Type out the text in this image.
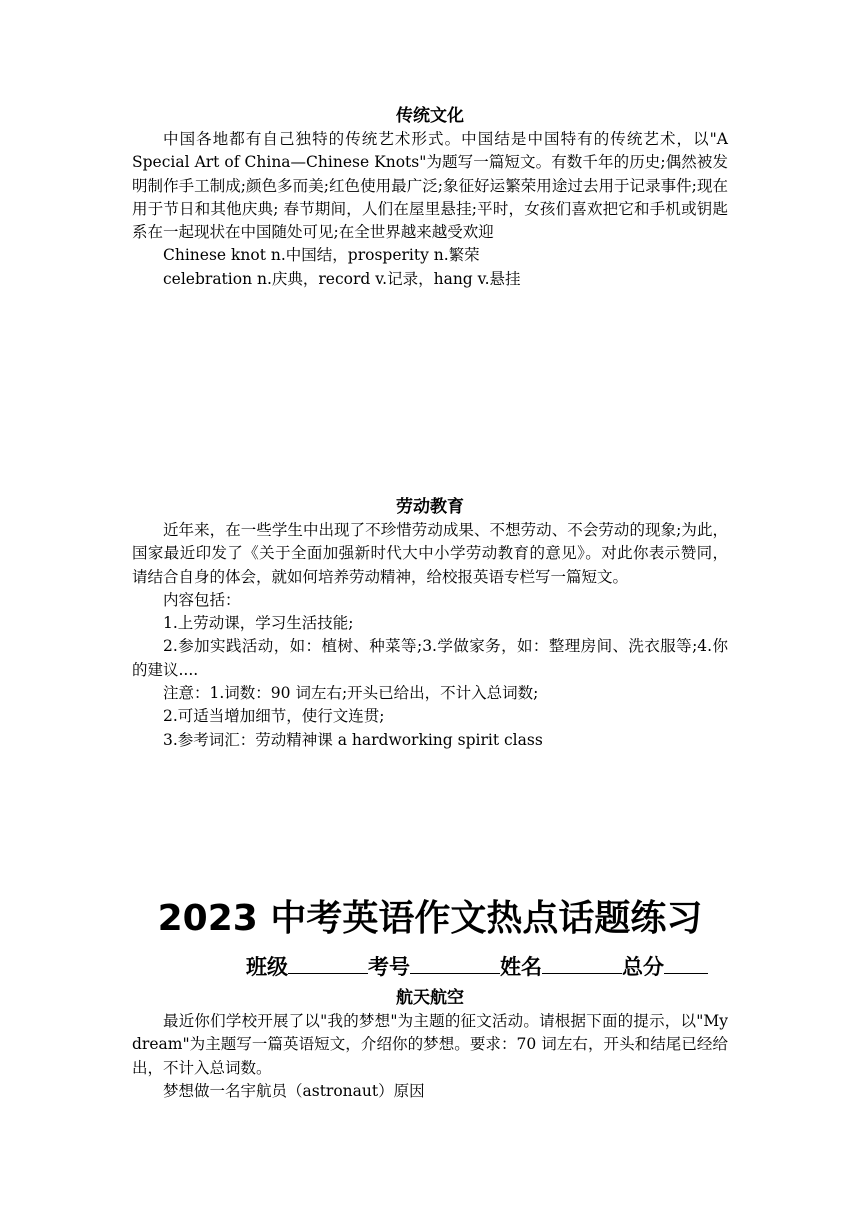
传统文化

中国各地都有自己独特的传统艺术形式。中国结是中国特有的传统艺术，以"A Special Art of China—Chinese Knots"为题写一篇短文。有数千年的历史;偶然被发明制作手工制成;颜色多而美;红色使用最广泛;象征好运繁荣用途过去用于记录事件;现在用于节日和其他庆典; 春节期间，人们在屋里悬挂;平时，女孩们喜欢把它和手机或钥匙系在一起现状在中国随处可见;在全世界越来越受欢迎

Chinese knot n.中国结，prosperity n.繁荣

celebration n.庆典，record v.记录，hang v.悬挂

劳动教育

近年来，在一些学生中出现了不珍惜劳动成果、不想劳动、不会劳动的现象;为此，国家最近印发了《关于全面加强新时代大中小学劳动教育的意见》。对此你表示赞同，请结合自身的体会，就如何培养劳动精神，给校报英语专栏写一篇短文。

内容包括：

1.上劳动课，学习生活技能;

2.参加实践活动，如：植树、种菜等;3.学做家务，如：整理房间、洗衣服等;4.你的建议....

注意：1.词数：90 词左右;开头已给出，不计入总词数;

2.可适当增加细节，使行文连贯;

3.参考词汇：劳动精神课 a hardworking spirit class

2023 中考英语作文热点话题练习

班级	考号	姓名	总分

航天航空

最近你们学校开展了以"我的梦想"为主题的征文活动。请根据下面的提示，以"My dream"为主题写一篇英语短文，介绍你的梦想。要求：70 词左右，开头和结尾已经给出，不计入总词数。

梦想做一名宇航员（astronaut）原因
